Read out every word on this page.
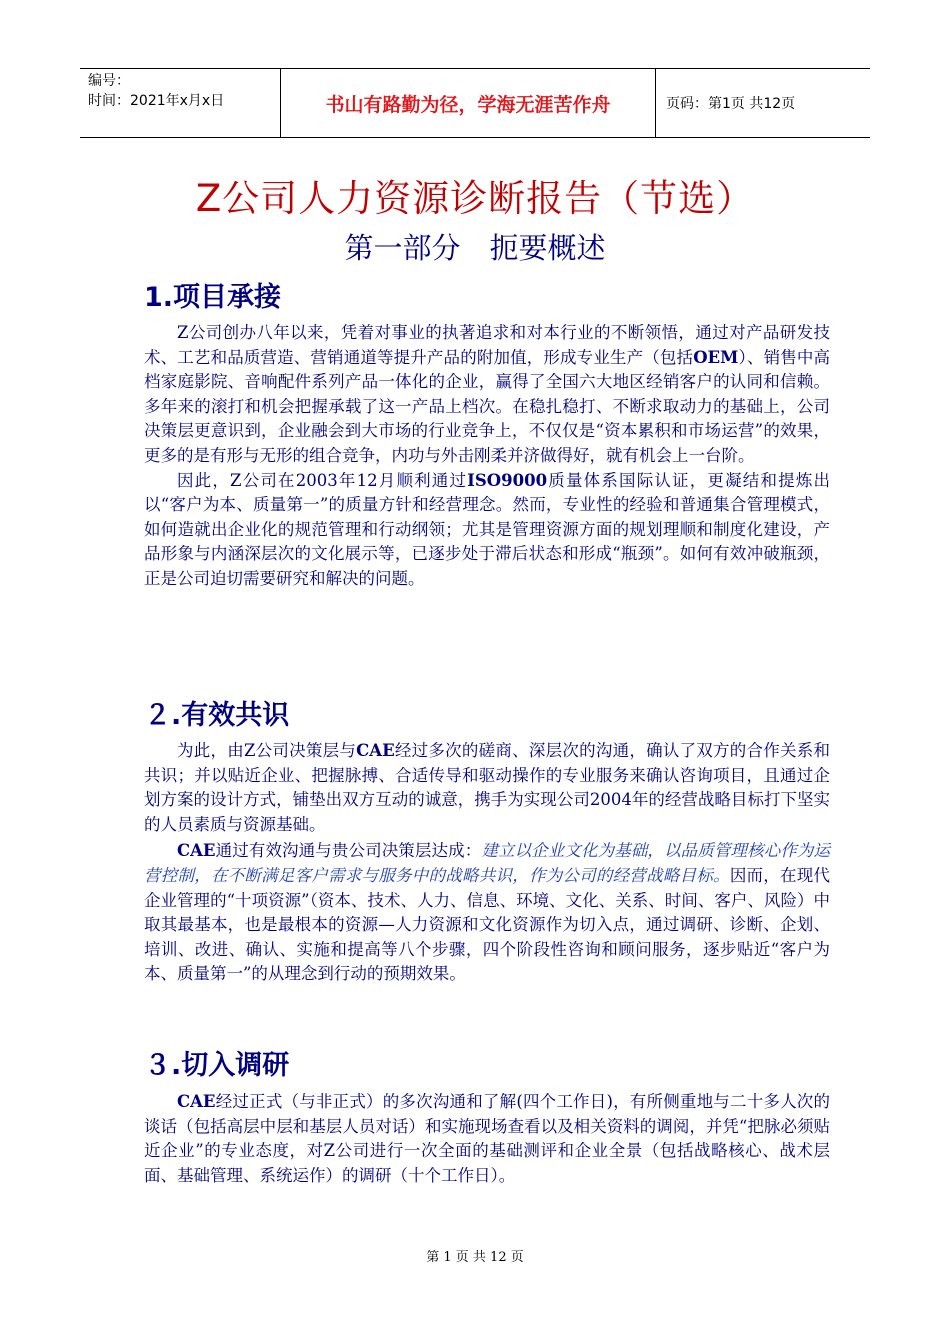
编号：
时间：2021年x月x日	书山有路勤为径，学海无涯苦作舟	页码：第1页 共12页
Z公司人力资源诊断报告（节选）
第一部分　扼要概述
1.项目承接

Z公司创办八年以来，凭着对事业的执著追求和对本行业的不断领悟，通过对产品研发技术、工艺和品质营造、营销通道等提升产品的附加值，形成专业生产（包括OEM）、销售中高档家庭影院、音响配件系列产品一体化的企业，赢得了全国六大地区经销客户的认同和信赖。多年来的滚打和机会把握承载了这一产品上档次。在稳扎稳打、不断求取动力的基础上，公司决策层更意识到，企业融会到大市场的行业竞争上，不仅仅是“资本累积和市场运营”的效果，更多的是有形与无形的组合竞争，内功与外击刚柔并济做得好，就有机会上一台阶。

因此，Z公司在2003年12月顺利通过ISO9000质量体系国际认证，更凝结和提炼出以“客户为本、质量第一”的质量方针和经营理念。然而，专业性的经验和普通集合管理模式，如何造就出企业化的规范管理和行动纲领；尤其是管理资源方面的规划理顺和制度化建设，产品形象与内涵深层次的文化展示等，已逐步处于滞后状态和形成“瓶颈”。如何有效冲破瓶颈，正是公司迫切需要研究和解决的问题。

２.有效共识

为此，由Z公司决策层与CAE经过多次的磋商、深层次的沟通，确认了双方的合作关系和共识；并以贴近企业、把握脉搏、合适传导和驱动操作的专业服务来确认咨询项目，且通过企划方案的设计方式，铺垫出双方互动的诚意，携手为实现公司2004年的经营战略目标打下坚实的人员素质与资源基础。

CAE通过有效沟通与贵公司决策层达成：建立以企业文化为基础，以品质管理核心作为运营控制，在不断满足客户需求与服务中的战略共识，作为公司的经营战略目标。因而，在现代企业管理的“十项资源”（资本、技术、人力、信息、环境、文化、关系、时间、客户、风险）中取其最基本，也是最根本的资源—人力资源和文化资源作为切入点，通过调研、诊断、企划、培训、改进、确认、实施和提高等八个步骤，四个阶段性咨询和顾问服务，逐步贴近“客户为本、质量第一”的从理念到行动的预期效果。

３.切入调研

CAE经过正式（与非正式）的多次沟通和了解(四个工作日)，有所侧重地与二十多人次的谈话（包括高层中层和基层人员对话）和实施现场查看以及相关资料的调阅，并凭“把脉必须贴近企业”的专业态度，对Z公司进行一次全面的基础测评和企业全景（包括战略核心、战术层面、基础管理、系统运作）的调研（十个工作日）。

第 1 页 共 12 页
